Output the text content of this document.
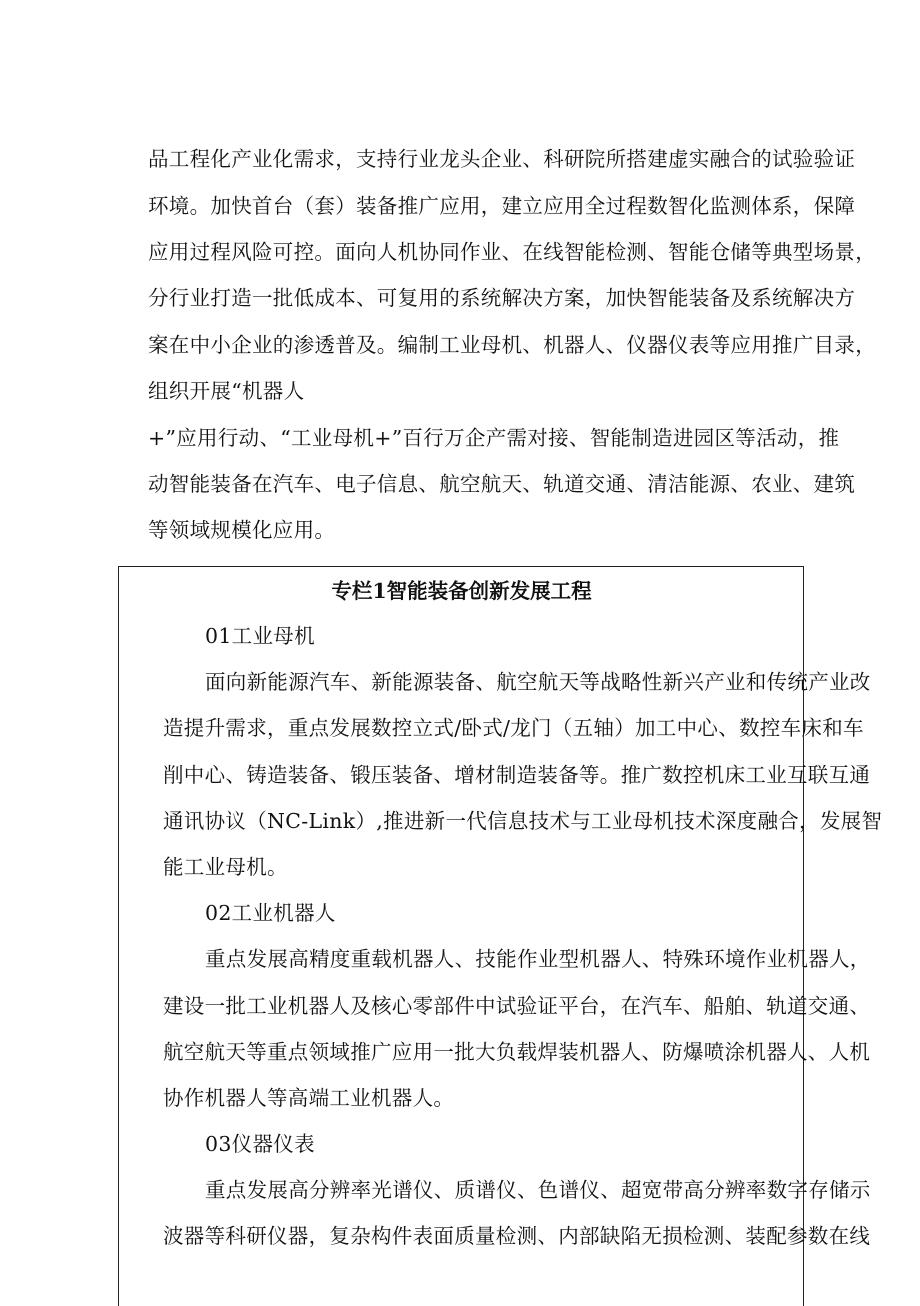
品工程化产业化需求，支持行业龙头企业、科研院所搭建虚实融合的试验验证

环境。加快首台（套）装备推广应用，建立应用全过程数智化监测体系，保障

应用过程风险可控。面向人机协同作业、在线智能检测、智能仓储等典型场景，

分行业打造一批低成本、可复用的系统解决方案，加快智能装备及系统解决方

案在中小企业的渗透普及。编制工业母机、机器人、仪器仪表等应用推广目录，

组织开展“机器人

+”应用行动、“工业母机+”百行万企产需对接、智能制造进园区等活动，推

动智能装备在汽车、电子信息、航空航天、轨道交通、清洁能源、农业、建筑

等领域规模化应用。

专栏1智能装备创新发展工程

01工业母机

面向新能源汽车、新能源装备、航空航天等战略性新兴产业和传统产业改

造提升需求，重点发展数控立式/卧式/龙门（五轴）加工中心、数控车床和车

削中心、铸造装备、锻压装备、增材制造装备等。推广数控机床工业互联互通

通讯协议（NC-Link）,推进新一代信息技术与工业母机技术深度融合，发展智

能工业母机。

02工业机器人

重点发展高精度重载机器人、技能作业型机器人、特殊环境作业机器人，

建设一批工业机器人及核心零部件中试验证平台，在汽车、船舶、轨道交通、

航空航天等重点领域推广应用一批大负载焊装机器人、防爆喷涂机器人、人机

协作机器人等高端工业机器人。

03仪器仪表

重点发展高分辨率光谱仪、质谱仪、色谱仪、超宽带高分辨率数字存储示

波器等科研仪器，复杂构件表面质量检测、内部缺陷无损检测、装配参数在线
